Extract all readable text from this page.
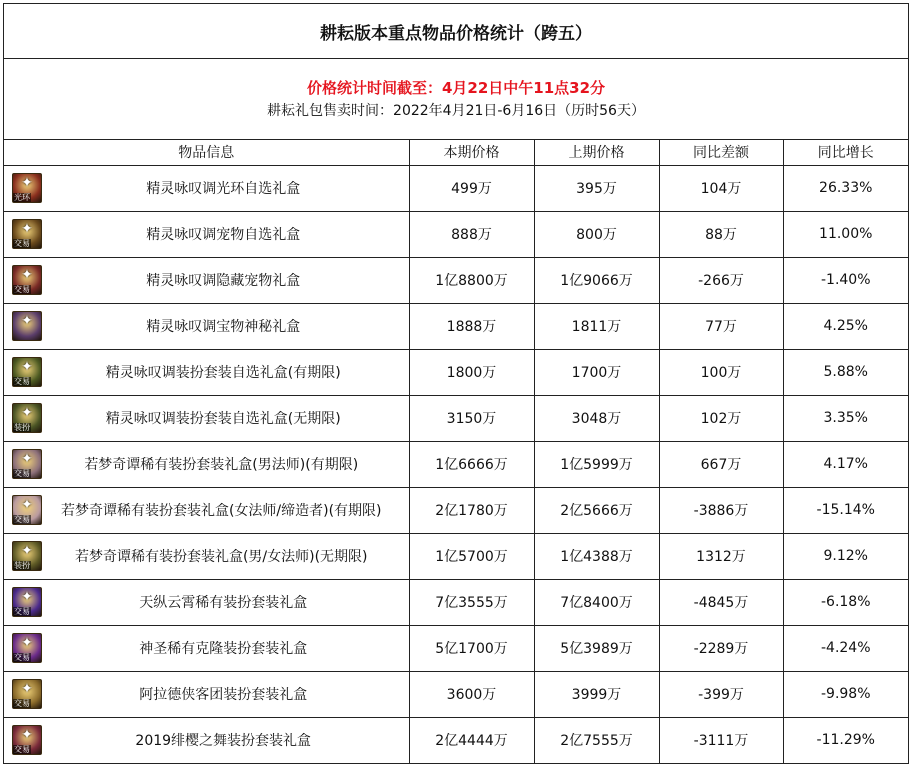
耕耘版本重点物品价格统计（跨五）
价格统计时间截至：4月22日中午11点32分
耕耘礼包售卖时间：2022年4月21日-6月16日（历时56天）
物品信息	本期价格	上期价格	同比差额	同比增长

✦
光环 精灵咏叹调光环自选礼盒	499万	395万	104万	26.33%

✦
交易 精灵咏叹调宠物自选礼盒	888万	800万	88万	11.00%

✦
交易 精灵咏叹调隐藏宠物礼盒	1亿8800万	1亿9066万	-266万	-1.40%

✦ 精灵咏叹调宝物神秘礼盒	1888万	1811万	77万	4.25%

✦
交易 精灵咏叹调装扮套装自选礼盒(有期限)	1800万	1700万	100万	5.88%

✦
装扮 精灵咏叹调装扮套装自选礼盒(无期限)	3150万	3048万	102万	3.35%

✦
交易 若梦奇谭稀有装扮套装礼盒(男法师)(有期限)	1亿6666万	1亿5999万	667万	4.17%

✦
交易 若梦奇谭稀有装扮套装礼盒(女法师/缔造者)(有期限)	2亿1780万	2亿5666万	-3886万	-15.14%

✦
装扮 若梦奇谭稀有装扮套装礼盒(男/女法师)(无期限)	1亿5700万	1亿4388万	1312万	9.12%

✦
交易 天纵云霄稀有装扮套装礼盒	7亿3555万	7亿8400万	-4845万	-6.18%

✦
交易 神圣稀有克隆装扮套装礼盒	5亿1700万	5亿3989万	-2289万	-4.24%

✦
交易 阿拉德侠客团装扮套装礼盒	3600万	3999万	-399万	-9.98%

✦
交易 2019绯樱之舞装扮套装礼盒	2亿4444万	2亿7555万	-3111万	-11.29%
